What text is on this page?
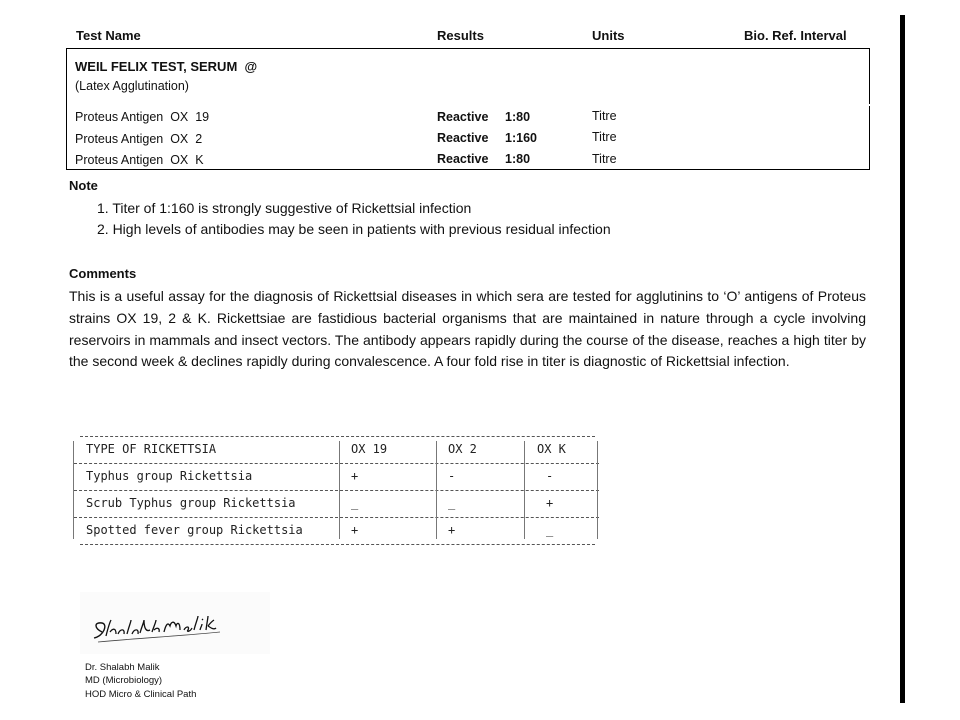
Test Name	Results	Units	Bio. Ref. Interval
WEIL FELIX TEST, SERUM  @
(Latex Agglutination)
Proteus Antigen  OX  19	Reactive 1:80	Titre
Proteus Antigen  OX  2	Reactive 1:160	Titre
Proteus Antigen  OX  K	Reactive 1:80	Titre
Note
1. Titer of 1:160 is strongly suggestive of Rickettsial infection
2. High levels of antibodies may be seen in patients with previous residual infection
Comments
This is a useful assay for the diagnosis of Rickettsial diseases in which sera are tested for agglutinins to ‘O’ antigens of Proteus strains OX 19, 2 & K. Rickettsiae are fastidious bacterial organisms that are maintained in nature through a cycle involving reservoirs in mammals and insect vectors. The antibody appears rapidly during the course of the disease, reaches a high titer by the second week & declines rapidly during convalescence. A four fold rise in titer is diagnostic of Rickettsial infection.
TYPE OF RICKETTSIA	OX 19	OX 2	OX K
Typhus group Rickettsia	+	-	-
Scrub Typhus group Rickettsia	_	_	+
Spotted fever group Rickettsia	+	+	_
Dr. Shalabh Malik
MD (Microbiology)
HOD Micro & Clinical Path
